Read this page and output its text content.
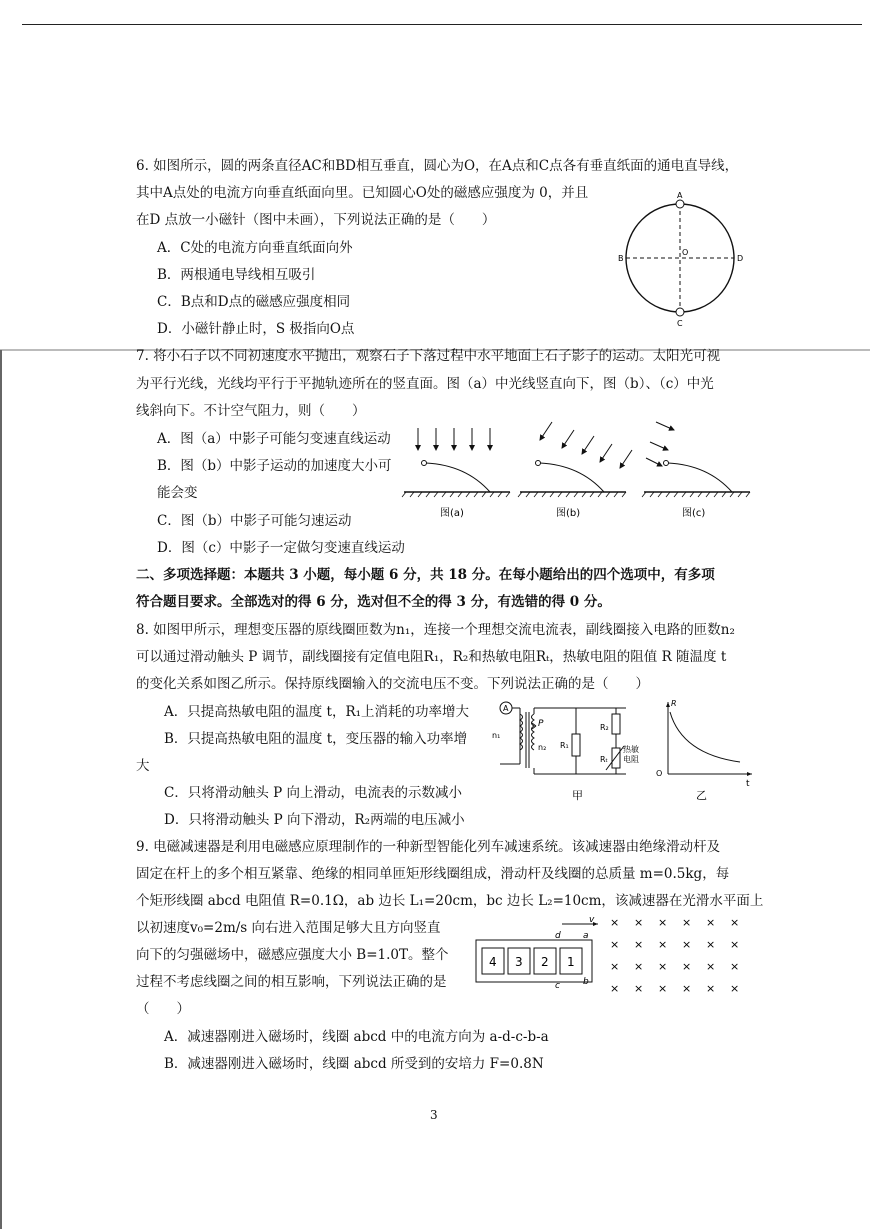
6. 如图所示，圆的两条直径AC和BD相互垂直，圆心为O，在A点和C点各有垂直纸面的通电直导线，
其中A点处的电流方向垂直纸面向里。已知圆心O处的磁感应强度为 0，并且
在D 点放一小磁针（图中未画），下列说法正确的是（　　）
A．C处的电流方向垂直纸面向外
B．两根通电导线相互吸引
C．B点和D点的磁感应强度相同
D．小磁针静止时，S 极指向O点
A
C
B	D
O
7. 将小石子以不同初速度水平抛出，观察石子下落过程中水平地面上石子影子的运动。太阳光可视
为平行光线，光线均平行于平抛轨迹所在的竖直面。图（a）中光线竖直向下，图（b）、（c）中光
线斜向下。不计空气阻力，则（　　）
A．图（a）中影子可能匀变速直线运动
B．图（b）中影子运动的加速度大小可
能会变
C．图（b）中影子可能匀速运动
D．图（c）中影子一定做匀变速直线运动
图(a)	图(b)	图(c)
二、多项选择题：本题共 3 小题，每小题 6 分，共 18 分。在每小题给出的四个选项中，有多项
符合题目要求。全部选对的得 6 分，选对但不全的得 3 分，有选错的得 0 分。
8. 如图甲所示，理想变压器的原线圈匝数为n₁，连接一个理想交流电流表，副线圈接入电路的匝数n₂
可以通过滑动触头 P 调节，副线圈接有定值电阻R₁，R₂和热敏电阻Rₜ，热敏电阻的阻值 R 随温度 t
的变化关系如图乙所示。保持原线圈输入的交流电压不变。下列说法正确的是（　　）
A．只提高热敏电阻的温度 t，R₁上消耗的功率增大
B．只提高热敏电阻的温度 t，变压器的输入功率增
大
C．只将滑动触头 P 向上滑动，电流表的示数减小
D．只将滑动触头 P 向下滑动，R₂两端的电压减小
A
n₁
n₂
P
R₁
R₂
Rₜ
热敏
电阻
甲
R
t
O
乙
9. 电磁减速器是利用电磁感应原理制作的一种新型智能化列车减速系统。该减速器由绝缘滑动杆及
固定在杆上的多个相互紧靠、绝缘的相同单匝矩形线圈组成，滑动杆及线圈的总质量 m=0.5kg，每
个矩形线圈 abcd 电阻值 R=0.1Ω，ab 边长 L₁=20cm，bc 边长 L₂=10cm，该减速器在光滑水平面上
以初速度v₀=2m/s 向右进入范围足够大且方向竖直
向下的匀强磁场中，磁感应强度大小 B=1.0T。整个
过程不考虑线圈之间的相互影响，下列说法正确的是
（　　）
A．减速器刚进入磁场时，线圈 abcd 中的电流方向为 a-d-c-b-a
B．减速器刚进入磁场时，线圈 abcd 所受到的安培力 F=0.8N
4 3 2 1
v
d a
c	b
× × × × × ×
× × × × × ×
× × × × × ×
× × × × × ×
3
